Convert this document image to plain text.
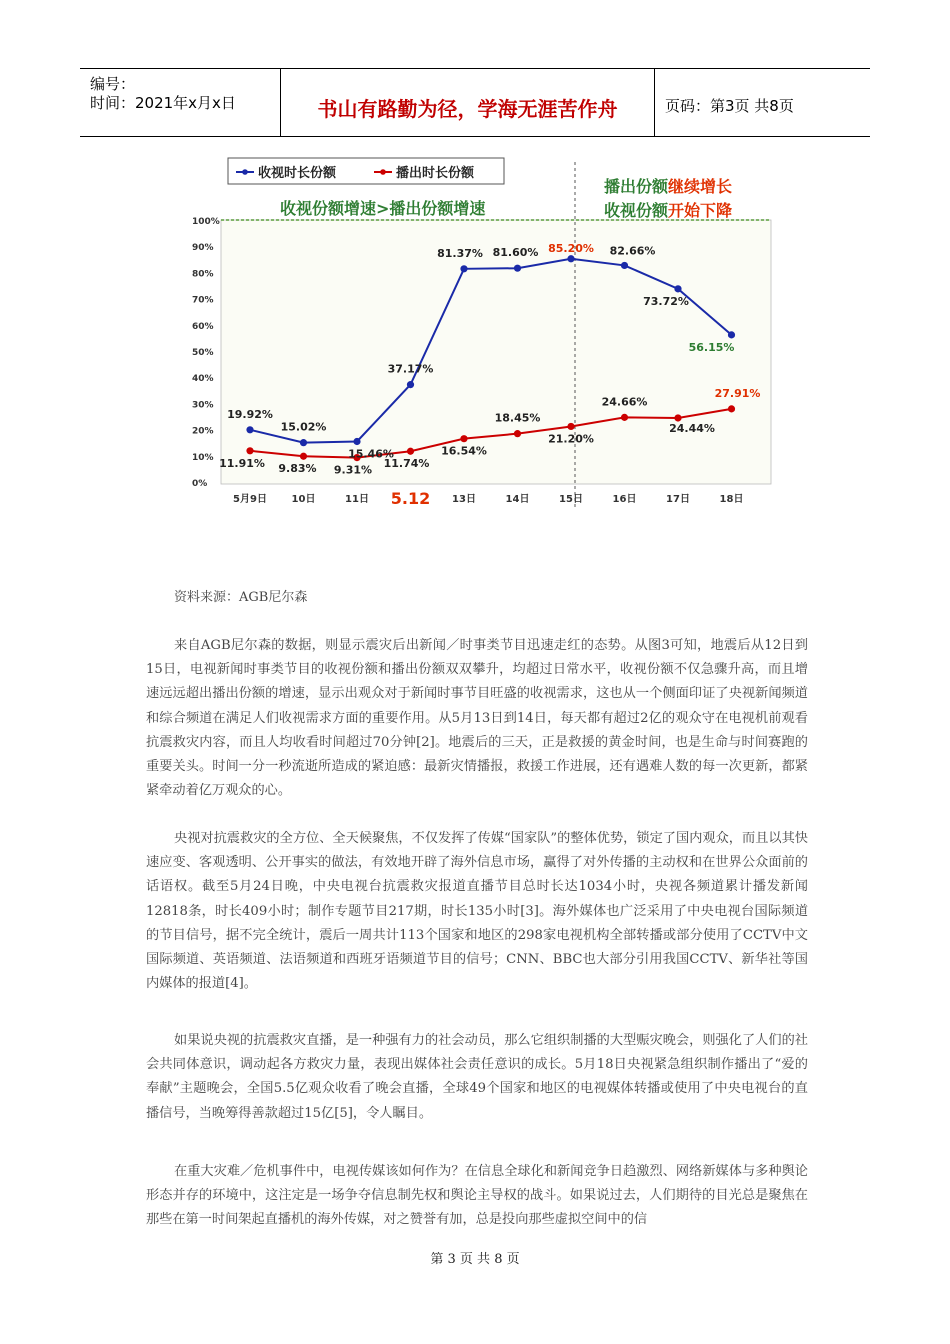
编号：
时间：2021年x月x日	书山有路勤为径，学海无涯苦作舟	页码：第3页 共8页
收视时长份额	播出时长份额
收视份额增速>播出份额增速
播出份额继续增长
收视份额开始下降
0%
10%
20%
30%
40%
50%
60%
70%
80%
90%
100%
5月9日 10日	11日 5.12 13日	14日	15日	16日	17日	18日
19.92%
15.02%
15.46%
37.17%
81.37% 81.60% 85.20% 82.66%
73.72%
56.15%
11.91% 9.83% 9.31% 11.74%
16.54%
18.45%
21.20%
24.66%
24.44%
27.91%
资料来源：AGB尼尔森
来自AGB尼尔森的数据，则显示震灾后出新闻／时事类节目迅速走红的态势。从图3可知，地震后从12日到15日，电视新闻时事类节目的收视份额和播出份额双双攀升，均超过日常水平，收视份额不仅急骤升高，而且增速远远超出播出份额的增速，显示出观众对于新闻时事节目旺盛的收视需求，这也从一个侧面印证了央视新闻频道和综合频道在满足人们收视需求方面的重要作用。从5月13日到14日，每天都有超过2亿的观众守在电视机前观看抗震救灾内容，而且人均收看时间超过70分钟[2]。地震后的三天，正是救援的黄金时间，也是生命与时间赛跑的重要关头。时间一分一秒流逝所造成的紧迫感：最新灾情播报，救援工作进展，还有遇难人数的每一次更新，都紧紧牵动着亿万观众的心。
央视对抗震救灾的全方位、全天候聚焦，不仅发挥了传媒“国家队”的整体优势，锁定了国内观众，而且以其快速应变、客观透明、公开事实的做法，有效地开辟了海外信息市场，赢得了对外传播的主动权和在世界公众面前的话语权。截至5月24日晚，中央电视台抗震救灾报道直播节目总时长达1034小时，央视各频道累计播发新闻12818条，时长409小时；制作专题节目217期，时长135小时[3]。海外媒体也广泛采用了中央电视台国际频道的节目信号，据不完全统计，震后一周共计113个国家和地区的298家电视机构全部转播或部分使用了CCTV中文国际频道、英语频道、法语频道和西班牙语频道节目的信号；CNN、BBC也大部分引用我国CCTV、新华社等国内媒体的报道[4]。
如果说央视的抗震救灾直播，是一种强有力的社会动员，那么它组织制播的大型赈灾晚会，则强化了人们的社会共同体意识，调动起各方救灾力量，表现出媒体社会责任意识的成长。5月18日央视紧急组织制作播出了“爱的奉献”主题晚会，全国5.5亿观众收看了晚会直播，全球49个国家和地区的电视媒体转播或使用了中央电视台的直播信号，当晚筹得善款超过15亿[5]，令人瞩目。
在重大灾难／危机事件中，电视传媒该如何作为？在信息全球化和新闻竞争日趋激烈、网络新媒体与多种舆论形态并存的环境中，这注定是一场争夺信息制先权和舆论主导权的战斗。如果说过去，人们期待的目光总是聚焦在那些在第一时间架起直播机的海外传媒，对之赞誉有加，总是投向那些虚拟空间中的信
第 3 页 共 8 页
